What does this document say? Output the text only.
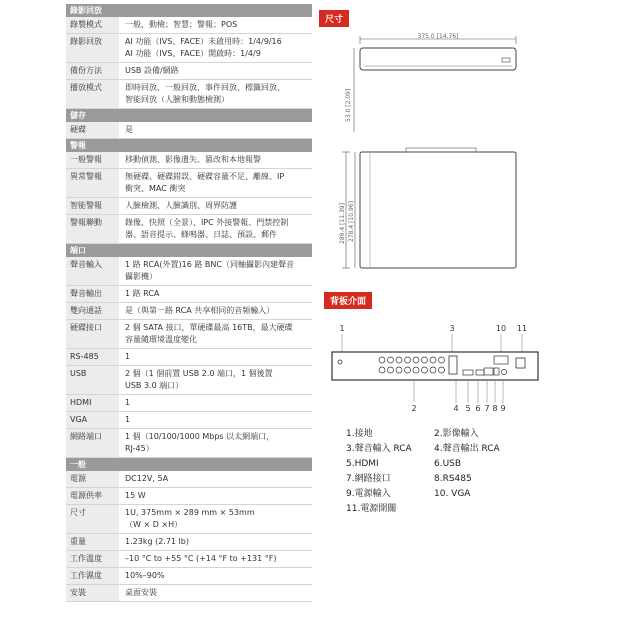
錄影回放
錄製模式	一般，動檢；智慧；警報；POS
錄影回放	AI 功能（IVS、FACE）未啟用時：1/4/9/16
AI 功能（IVS、FACE）開啟時：1/4/9
備份方法	USB 設備/網路
播放模式	即時回放、一般回放、事件回放、標籤回放、
智能回放（人臉和動態檢測）
儲存
硬碟	是
警報
一般警報	移動偵測、影像遺失、篡改和本地報警
異常警報	無硬碟、硬碟錯誤、硬碟容量不足、離線、IP
衝突、MAC 衝突
智能警報	人臉檢測、人臉識別、周界防護
警報聯動	錄像、快照（全景）、IPC 外接警報、門禁控制
器、語音提示、蜂鳴器、日誌、預設、郵件
端口
聲音輸入	1 路 RCA(外置)16 路 BNC（同軸攝影內建聲音
攝影機）
聲音輸出	1 路 RCA
雙向通話	是（與第一路 RCA 共享相同的音頻輸入）
硬碟接口	2 個 SATA 接口，單硬碟最高 16TB，最大硬碟
容量隨環境溫度變化
RS-485	1
USB	2 個（1 個前置 USB 2.0 端口，1 個後置
USB 3.0 端口）
HDMI	1
VGA	1
網路端口	1 個（10/100/1000 Mbps 以太網端口，
RJ-45）
一般
電源	DC12V, 5A
電源供率	15 W
尺寸	1U, 375mm × 289 mm × 53mm
（W × D ×H）
重量	1.23kg (2.71 lb)
工作溫度	–10 °C to +55 °C (+14 °F to +131 °F)
工作濕度	10%–90%
安裝	桌面安裝
尺寸
375.0 [14.76]
53.0 [2.09]
289.4 [11.39] 278.4 [10.96]
背板介面
1	3	10 11
2	4 5 6 7 8 9
1.接地	2.影像輸入
3.聲音輸入 RCA	4.聲音輸出 RCA
5.HDMI	6.USB
7.網路接口	8.RS485
9.電源輸入	10. VGA
11.電源開關
